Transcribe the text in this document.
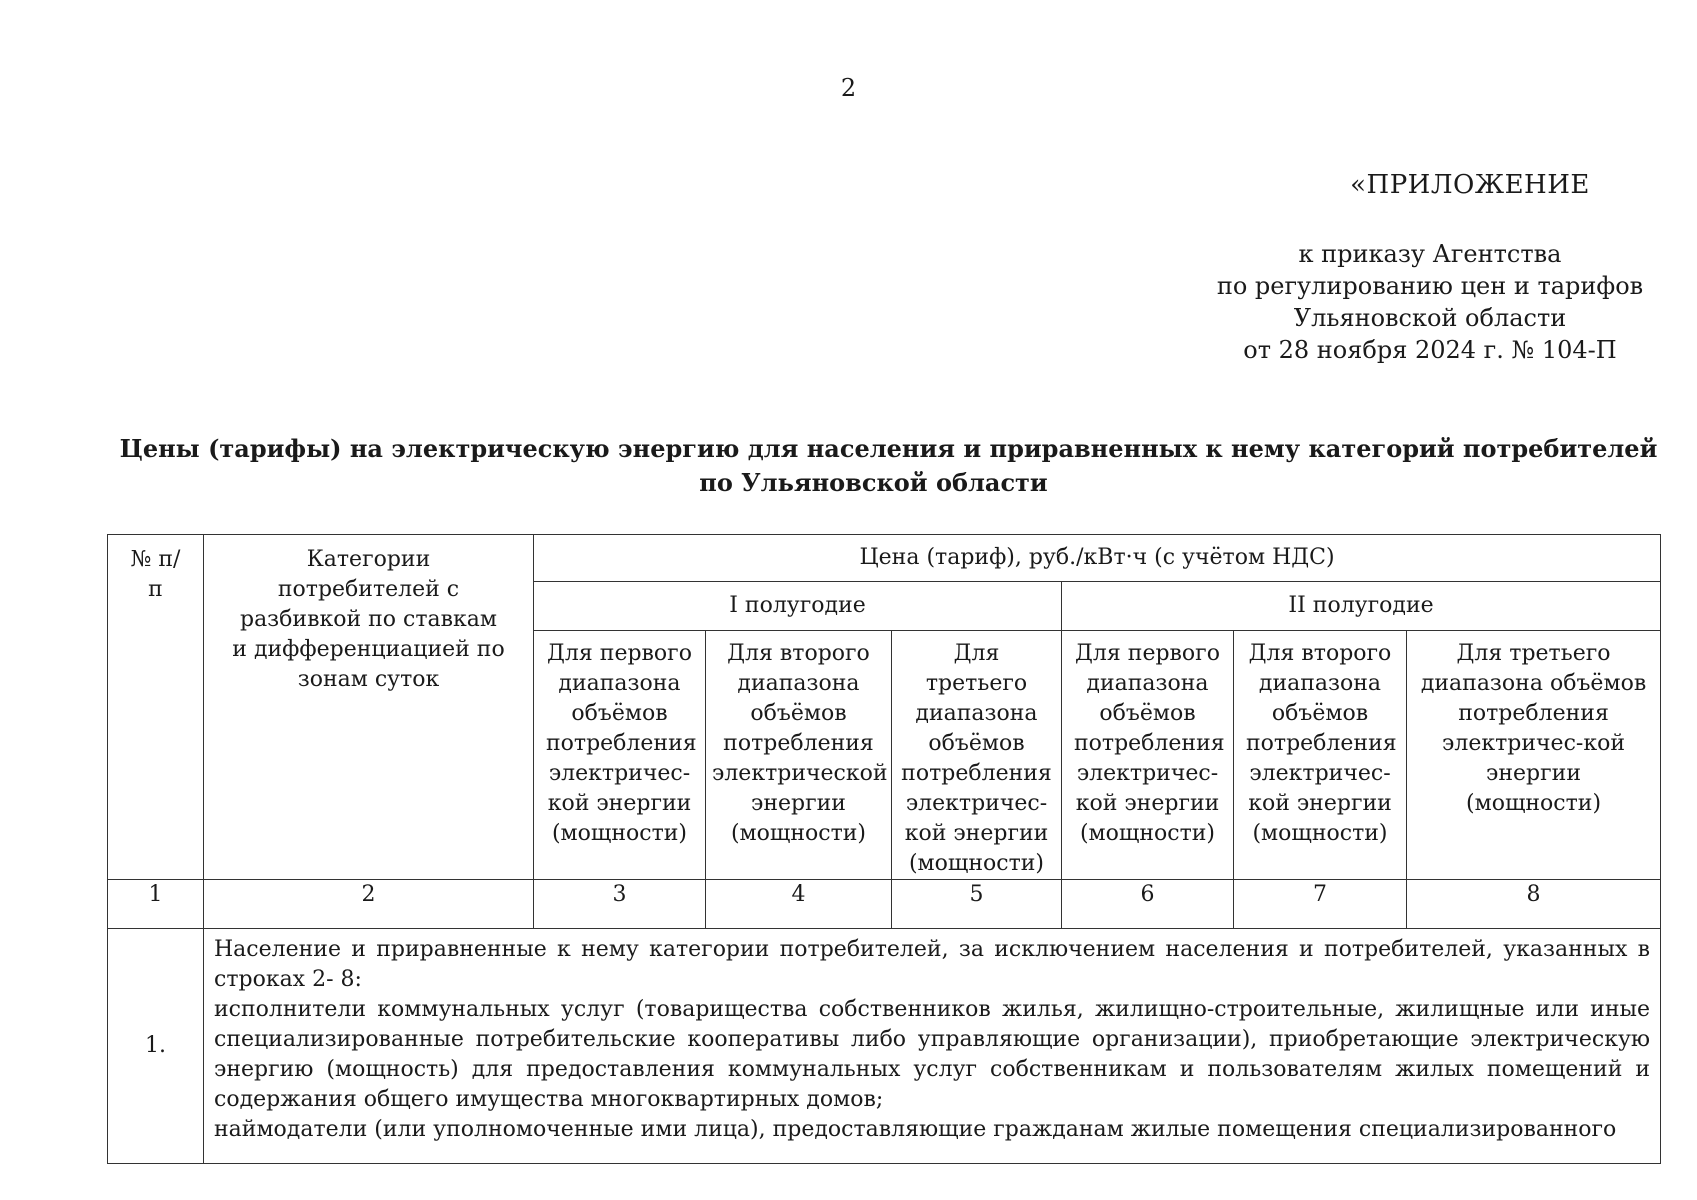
2
«ПРИЛОЖЕНИЕ
к приказу Агентства
по регулированию цен и тарифов
Ульяновской области
от 28 ноября 2024 г. № 104-П
Цены (тарифы) на электрическую энергию для населения и приравненных к нему категорий потребителей
по Ульяновской области
№ п/п	Категории потребителей с разбивкой по ставкам и дифференциацией по зонам суток	Цена (тариф), руб./кВт·ч (с учётом НДС)					
		I полугодие			II полугодие		

		Для первого диапазона объёмов потребления электричес-кой энергии (мощности)	Для второго диапазона объёмов потребления электрической энергии (мощности)	Для третьего диапазона объёмов потребления электричес-кой энергии (мощности)	Для первого диапазона объёмов потребления электричес-кой энергии (мощности)	Для второго диапазона объёмов потребления электричес-кой энергии (мощности)	Для третьего диапазона объёмов потребления электричес-кой энергии (мощности)

1	2	3	4	5	6	7	8
1.	Население и приравненные к нему категории потребителей, за исключением населения и потребителей, указанных в строках 2- 8:

исполнители коммунальных услуг (товарищества собственников жилья, жилищно-строительные, жилищные или иные специализированные потребительские кооперативы либо управляющие организации), приобретающие электрическую энергию (мощность) для предоставления коммунальных услуг собственникам и пользователям жилых помещений и содержания общего имущества многоквартирных домов;

наймодатели (или уполномоченные ими лица), предоставляющие гражданам жилые помещения специализированного						
